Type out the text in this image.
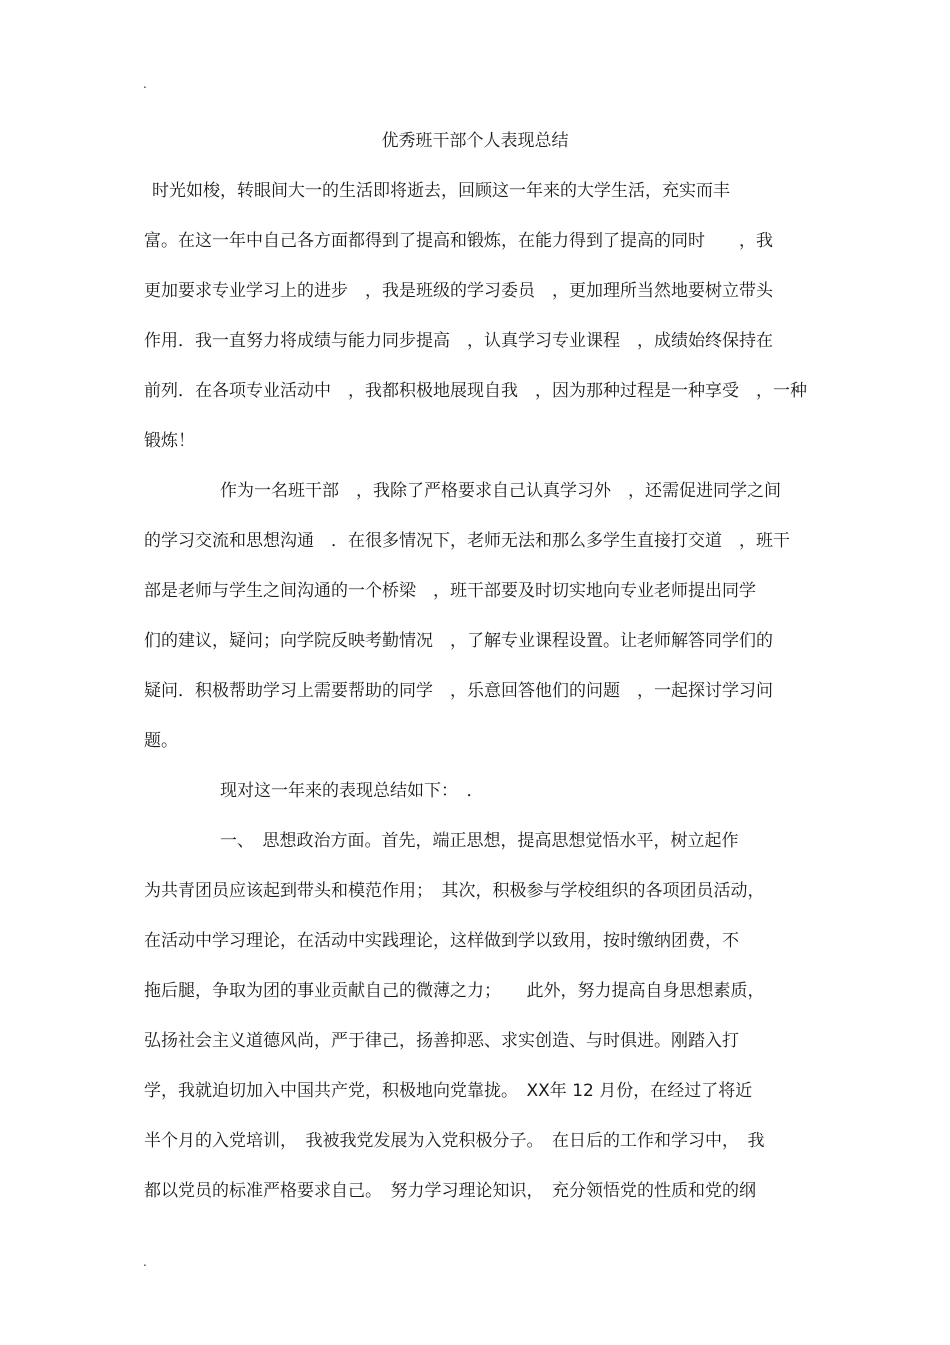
.
优秀班干部个人表现总结
时光如梭，转眼间大一的生活即将逝去，回顾这一年来的大学生活，充实而丰
富。在这一年中自己各方面都得到了提高和锻炼，在能力得到了提高的同时　　，我
更加要求专业学习上的进步　，我是班级的学习委员　，更加理所当然地要树立带头
作用．我一直努力将成绩与能力同步提高　，认真学习专业课程　，成绩始终保持在
前列．在各项专业活动中　，我都积极地展现自我　，因为那种过程是一种享受　，一种
锻炼！
作为一名班干部　，我除了严格要求自己认真学习外　，还需促进同学之间
的学习交流和思想沟通　．在很多情况下，老师无法和那么多学生直接打交道　，班干
部是老师与学生之间沟通的一个桥梁　，班干部要及时切实地向专业老师提出同学
们的建议，疑问；向学院反映考勤情况　，了解专业课程设置。让老师解答同学们的
疑问．积极帮助学习上需要帮助的同学　，乐意回答他们的问题　，一起探讨学习问
题。
现对这一年来的表现总结如下：　．
一、　思想政治方面。首先，端正思想，提高思想觉悟水平，树立起作
为共青团员应该起到带头和模范作用；　其次，积极参与学校组织的各项团员活动，
在活动中学习理论，在活动中实践理论，这样做到学以致用，按时缴纳团费，不
拖后腿，争取为团的事业贡献自己的微薄之力；　　此外，努力提高自身思想素质，
弘扬社会主义道德风尚，严于律己，扬善抑恶、求实创造、与时俱进。刚踏入打
学，我就迫切加入中国共产党，积极地向党靠拢。　XX年 12 月份，在经过了将近
半个月的入党培训，　我被我党发展为入党积极分子。　在日后的工作和学习中，　我
都以党员的标准严格要求自己。　努力学习理论知识，　充分领悟党的性质和党的纲
.
